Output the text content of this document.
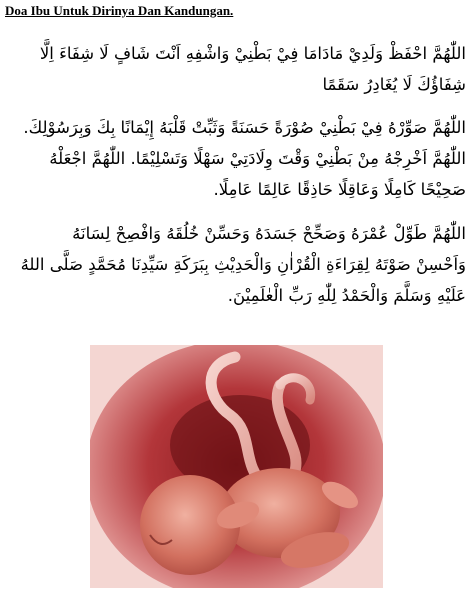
Doa Ibu Untuk Dirinya Dan Kandungan.
اللّٰهُمَّ احْفَظْ وَلَدِيْ مَادَامَا فِيْ بَطْنِيْ وَاشْفِهِ اَنْتَ شَافٍ لَا شِفَاءَ اِلَّا
شِفَاؤُكَ لَا يُغَادِرُ سَقَمًا
اللّٰهُمَّ صَوِّرْهُ فِيْ بَطْنِيْ صُوْرَةً حَسَنَةً وَثَبِّتْ قَلْبَهُ إِيْمَانًا بِكَ وَبِرَسُوْلِكَ.
اللّٰهُمَّ اَخْرِجْهُ مِنْ بَطْنِيْ وَقْتَ وِلَادَتِيْ سَهْلًا وَتَسْلِيْمًا. اللّٰهُمَّ اجْعَلْهُ
صَحِيْحًا كَامِلًا وَعَاقِلًا حَاذِقًا عَالِمًا عَامِلًا.
اللّٰهُمَّ طَوِّلْ عُمْرَهُ وَصَحِّحْ جَسَدَهُ وَحَسِّنْ خُلُقَهُ وَافْصِحْ لِسَانَهُ
وَاَحْسِنْ صَوْتَهُ لِقِرَاءَةِ الْقُرْاٰنِ وَالْحَدِيْثِ بِبَرَكَةِ سَيِّدِنَا مُحَمَّدٍ صَلَّى اللهُ
عَلَيْهِ وَسَلَّمَ وَالْحَمْدُ لِلّٰهِ رَبِّ الْعٰلَمِيْنَ.
